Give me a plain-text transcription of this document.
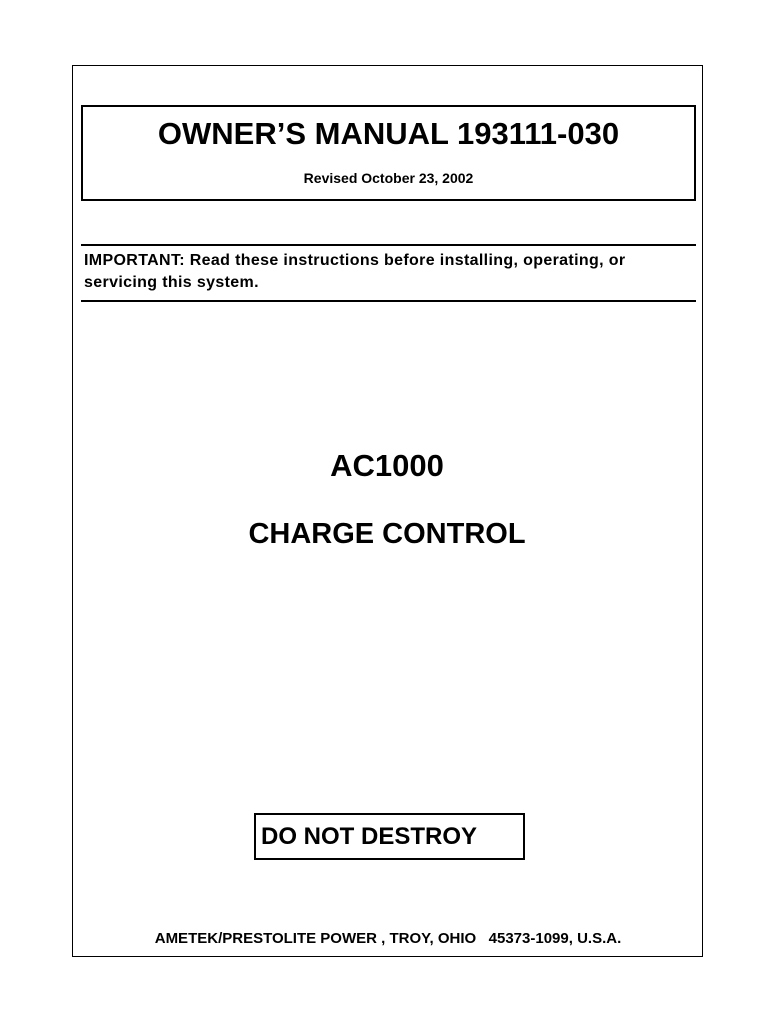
OWNER’S MANUAL 193111-030
Revised October 23, 2002
IMPORTANT: Read these instructions before installing, operating, or servicing this system.
AC1000
CHARGE CONTROL
DO NOT DESTROY
AMETEK/PRESTOLITE POWER , TROY, OHIO   45373-1099, U.S.A.
